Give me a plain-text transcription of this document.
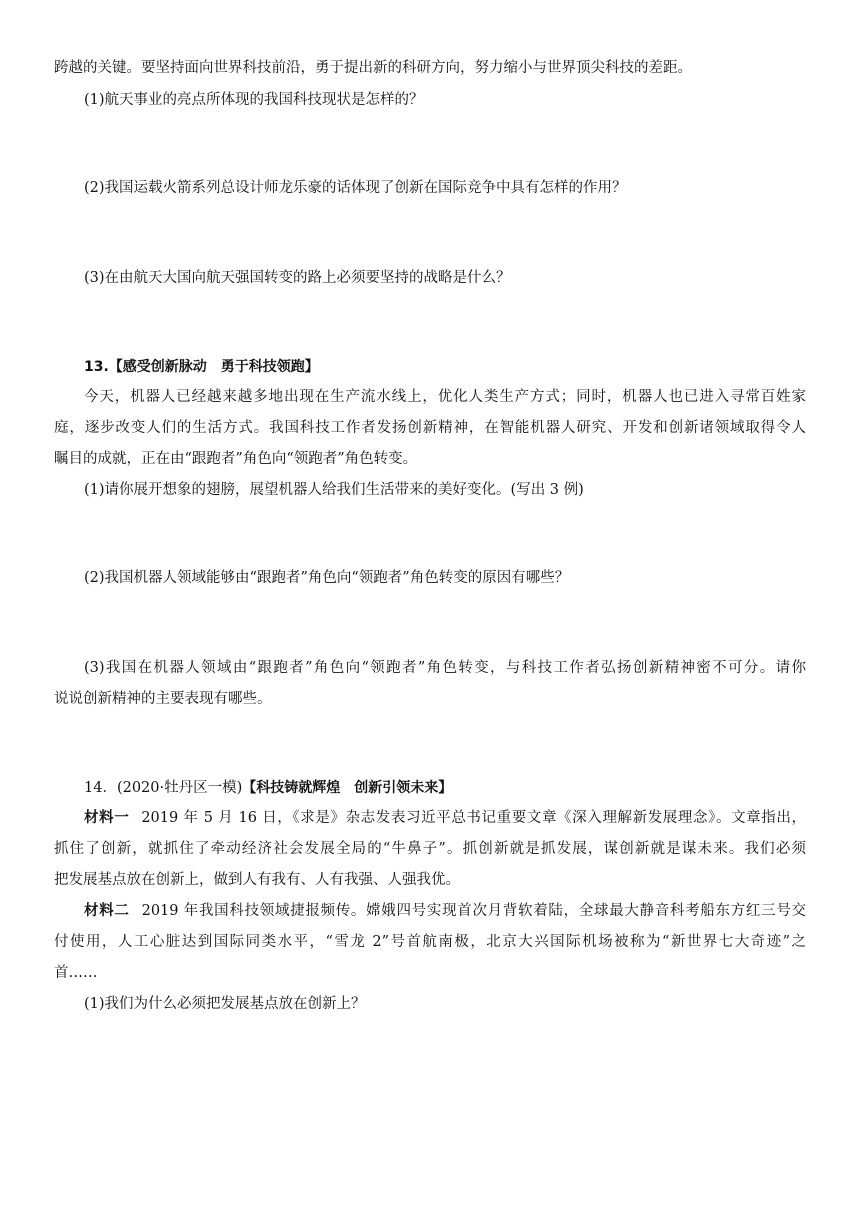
跨越的关键。要坚持面向世界科技前沿，勇于提出新的科研方向，努力缩小与世界顶尖科技的差距。
(1)航天事业的亮点所体现的我国科技现状是怎样的？
(2)我国运载火箭系列总设计师龙乐豪的话体现了创新在国际竞争中具有怎样的作用？
(3)在由航天大国向航天强国转变的路上必须要坚持的战略是什么？
13.【感受创新脉动　勇于科技领跑】
今天，机器人已经越来越多地出现在生产流水线上，优化人类生产方式；同时，机器人也已进入寻常百姓家
庭，逐步改变人们的生活方式。我国科技工作者发扬创新精神，在智能机器人研究、开发和创新诸领域取得令人
瞩目的成就，正在由“跟跑者”角色向“领跑者”角色转变。
(1)请你展开想象的翅膀，展望机器人给我们生活带来的美好变化。(写出 3 例)
(2)我国机器人领域能够由“跟跑者”角色向“领跑者”角色转变的原因有哪些？
(3)我国在机器人领域由“跟跑者”角色向“领跑者”角色转变，与科技工作者弘扬创新精神密不可分。请你
说说创新精神的主要表现有哪些。
14．(2020·牡丹区一模)【科技铸就辉煌　创新引领未来】
材料一 2019 年 5 月 16 日，《求是》杂志发表习近平总书记重要文章《深入理解新发展理念》。文章指出，
抓住了创新，就抓住了牵动经济社会发展全局的“牛鼻子”。抓创新就是抓发展，谋创新就是谋未来。我们必须
把发展基点放在创新上，做到人有我有、人有我强、人强我优。
材料二 2019 年我国科技领域捷报频传。嫦娥四号实现首次月背软着陆，全球最大静音科考船东方红三号交
付使用，人工心脏达到国际同类水平，“雪龙 2”号首航南极，北京大兴国际机场被称为“新世界七大奇迹”之
首……
(1)我们为什么必须把发展基点放在创新上？
